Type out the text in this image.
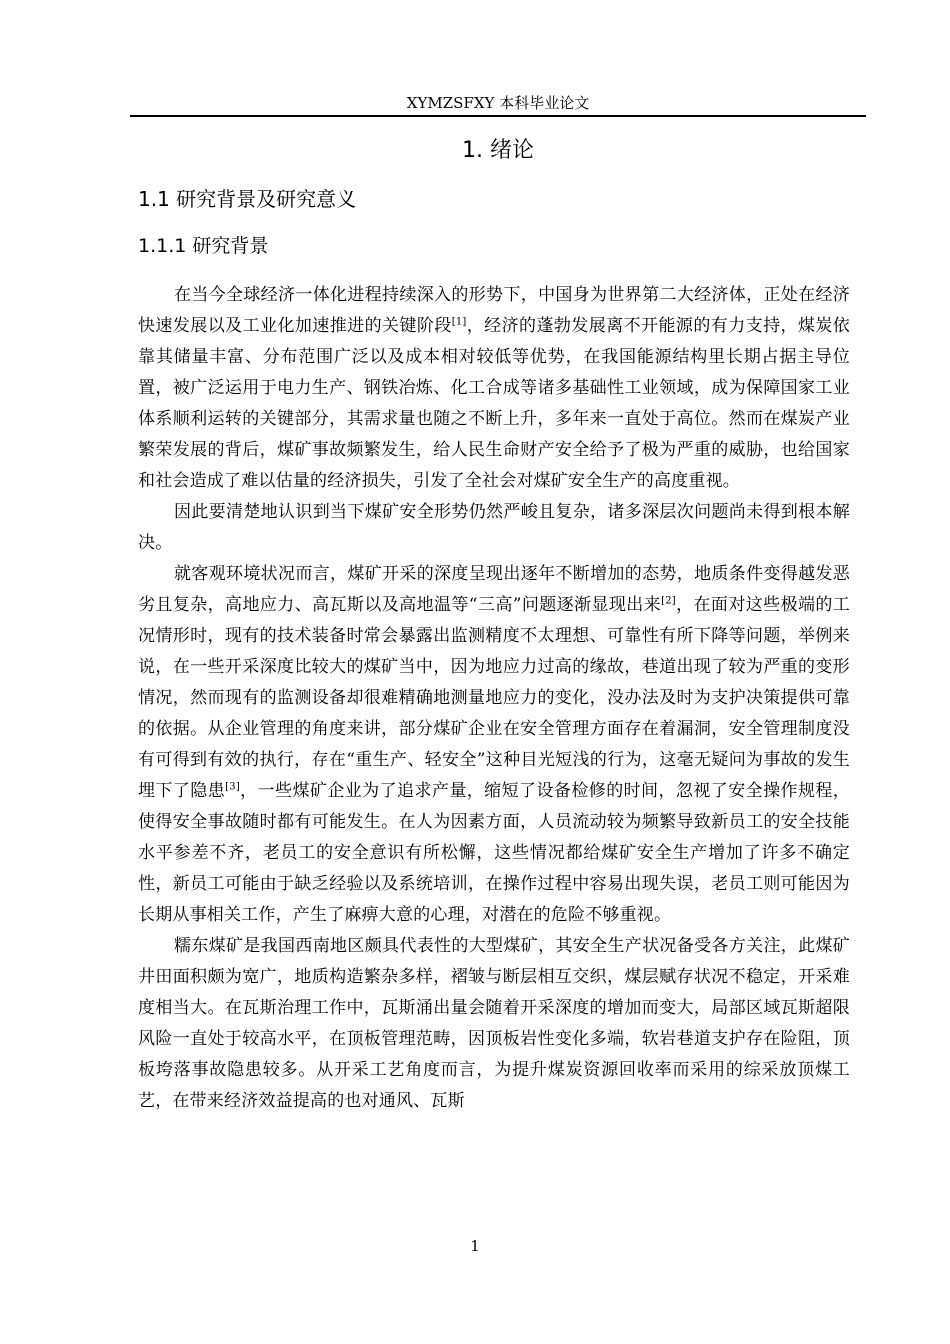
XYMZSFXY 本科毕业论文
1. 绪论
1.1 研究背景及研究意义
1.1.1 研究背景

在当今全球经济一体化进程持续深入的形势下，中国身为世界第二大经济体，正处在经济快速发展以及工业化加速推进的关键阶段[1]，经济的蓬勃发展离不开能源的有力支持，煤炭依靠其储量丰富、分布范围广泛以及成本相对较低等优势，在我国能源结构里长期占据主导位置，被广泛运用于电力生产、钢铁冶炼、化工合成等诸多基础性工业领域，成为保障国家工业体系顺利运转的关键部分，其需求量也随之不断上升，多年来一直处于高位。然而在煤炭产业繁荣发展的背后，煤矿事故频繁发生，给人民生命财产安全给予了极为严重的威胁，也给国家和社会造成了难以估量的经济损失，引发了全社会对煤矿安全生产的高度重视。

因此要清楚地认识到当下煤矿安全形势仍然严峻且复杂，诸多深层次问题尚未得到根本解决。

就客观环境状况而言，煤矿开采的深度呈现出逐年不断增加的态势，地质条件变得越发恶劣且复杂，高地应力、高瓦斯以及高地温等“三高”问题逐渐显现出来[2]，在面对这些极端的工况情形时，现有的技术装备时常会暴露出监测精度不太理想、可靠性有所下降等问题，举例来说，在一些开采深度比较大的煤矿当中，因为地应力过高的缘故，巷道出现了较为严重的变形情况，然而现有的监测设备却很难精确地测量地应力的变化，没办法及时为支护决策提供可靠的依据。从企业管理的角度来讲，部分煤矿企业在安全管理方面存在着漏洞，安全管理制度没有可得到有效的执行，存在“重生产、轻安全”这种目光短浅的行为，这毫无疑问为事故的发生埋下了隐患[3]，一些煤矿企业为了追求产量，缩短了设备检修的时间，忽视了安全操作规程，使得安全事故随时都有可能发生。在人为因素方面，人员流动较为频繁导致新员工的安全技能水平参差不齐，老员工的安全意识有所松懈，这些情况都给煤矿安全生产增加了许多不确定性，新员工可能由于缺乏经验以及系统培训，在操作过程中容易出现失误，老员工则可能因为长期从事相关工作，产生了麻痹大意的心理，对潜在的危险不够重视。

糯东煤矿是我国西南地区颇具代表性的大型煤矿，其安全生产状况备受各方关注，此煤矿井田面积颇为宽广，地质构造繁杂多样，褶皱与断层相互交织，煤层赋存状况不稳定，开采难度相当大。在瓦斯治理工作中，瓦斯涌出量会随着开采深度的增加而变大，局部区域瓦斯超限风险一直处于较高水平，在顶板管理范畴，因顶板岩性变化多端，软岩巷道支护存在险阻，顶板垮落事故隐患较多。从开采工艺角度而言，为提升煤炭资源回收率而采用的综采放顶煤工艺，在带来经济效益提高的也对通风、瓦斯

1
